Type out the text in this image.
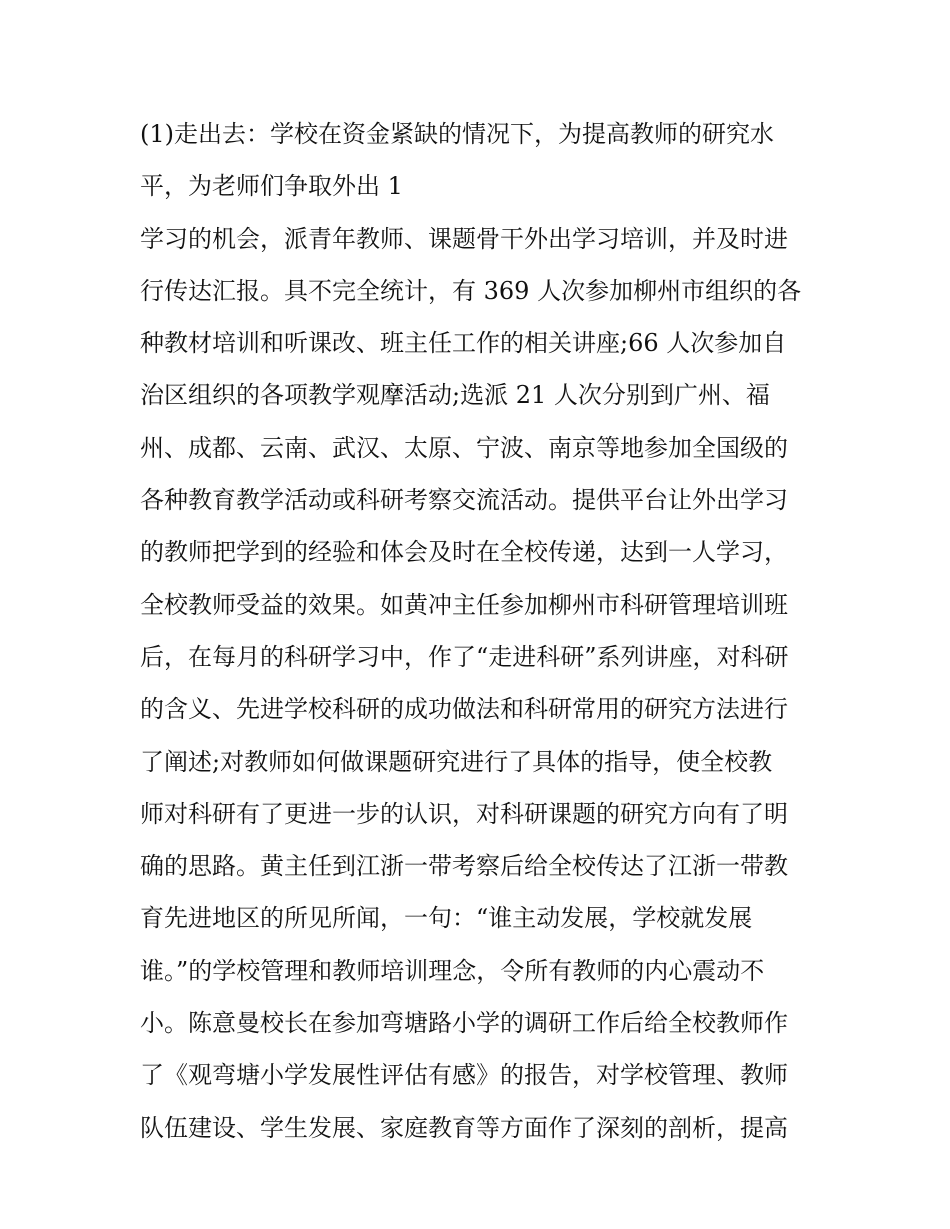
(1)走出去：学校在资金紧缺的情况下，为提高教师的研究水
平，为老师们争取外出 1
学习的机会，派青年教师、课题骨干外出学习培训，并及时进
行传达汇报。具不完全统计，有 369 人次参加柳州市组织的各
种教材培训和听课改、班主任工作的相关讲座;66 人次参加自
治区组织的各项教学观摩活动;选派 21 人次分别到广州、福
州、成都、云南、武汉、太原、宁波、南京等地参加全国级的
各种教育教学活动或科研考察交流活动。提供平台让外出学习
的教师把学到的经验和体会及时在全校传递，达到一人学习，
全校教师受益的效果。如黄冲主任参加柳州市科研管理培训班
后，在每月的科研学习中，作了“走进科研”系列讲座，对科研
的含义、先进学校科研的成功做法和科研常用的研究方法进行
了阐述;对教师如何做课题研究进行了具体的指导，使全校教
师对科研有了更进一步的认识，对科研课题的研究方向有了明
确的思路。黄主任到江浙一带考察后给全校传达了江浙一带教
育先进地区的所见所闻，一句：“谁主动发展，学校就发展
谁。”的学校管理和教师培训理念，令所有教师的内心震动不
小。陈意曼校长在参加弯塘路小学的调研工作后给全校教师作
了《观弯塘小学发展性评估有感》的报告，对学校管理、教师
队伍建设、学生发展、家庭教育等方面作了深刻的剖析，提高
